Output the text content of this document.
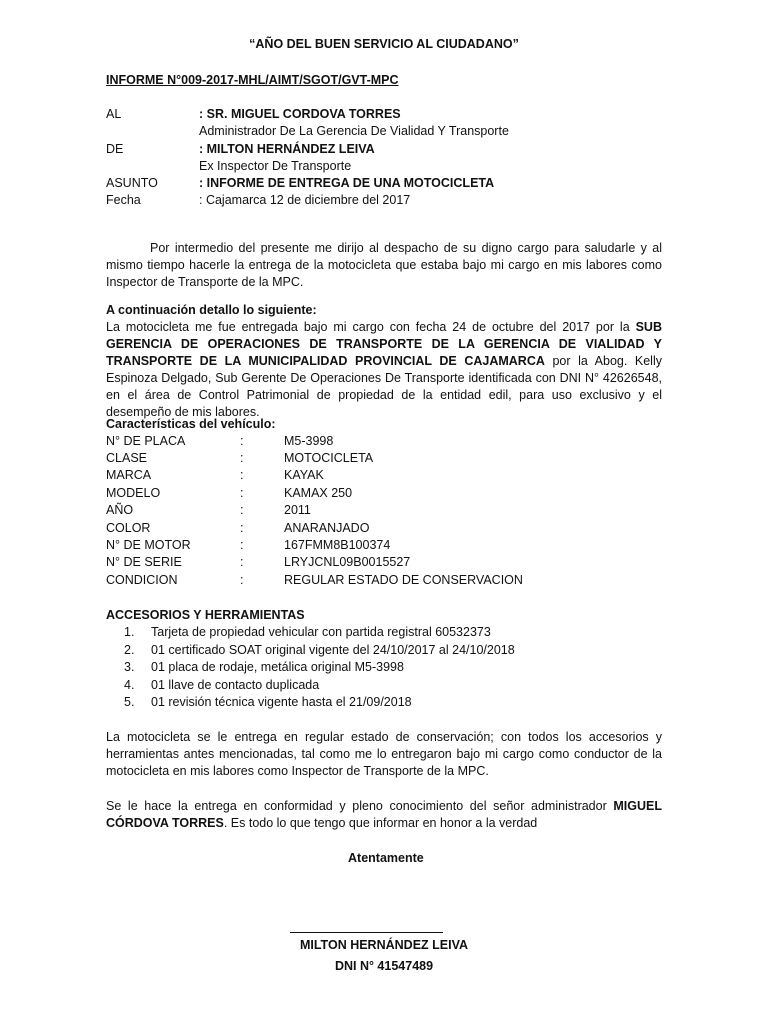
“AÑO DEL BUEN SERVICIO AL CIUDADANO”
INFORME N°009-2017-MHL/AIMT/SGOT/GVT-MPC
AL	: SR. MIGUEL CORDOVA TORRES
Administrador De La Gerencia De Vialidad Y Transporte
DE	: MILTON HERNÁNDEZ LEIVA
Ex Inspector De Transporte
ASUNTO	: INFORME DE ENTREGA DE UNA MOTOCICLETA
Fecha	: Cajamarca 12 de diciembre del 2017
Por intermedio del presente me dirijo al despacho de su digno cargo para saludarle y al mismo tiempo hacerle la entrega de la motocicleta que estaba bajo mi cargo en mis labores como Inspector de Transporte de la MPC.
A continuación detallo lo siguiente:
La motocicleta me fue entregada bajo mi cargo con fecha 24 de octubre del 2017 por la SUB GERENCIA DE OPERACIONES DE TRANSPORTE DE LA GERENCIA DE VIALIDAD Y TRANSPORTE DE LA MUNICIPALIDAD PROVINCIAL DE CAJAMARCA por la Abog. Kelly Espinoza Delgado, Sub Gerente De Operaciones De Transporte identificada con DNI N° 42626548, en el área de Control Patrimonial de propiedad de la entidad edil, para uso exclusivo y el desempeño de mis labores.
Características del vehículo:
N° DE PLACA	:	M5-3998
CLASE	:	MOTOCICLETA
MARCA	:	KAYAK
MODELO	:	KAMAX 250
AÑO	:	2011
COLOR	:	ANARANJADO
N° DE MOTOR	:	167FMM8B100374
N° DE SERIE	:	LRYJCNL09B0015527
CONDICION	:	REGULAR ESTADO DE CONSERVACION
ACCESORIOS Y HERRAMIENTAS
1. Tarjeta de propiedad vehicular con partida registral 60532373
2. 01 certificado SOAT original vigente del 24/10/2017 al 24/10/2018
3. 01 placa de rodaje, metálica original M5-3998
4. 01 llave de contacto duplicada
5. 01 revisión técnica vigente hasta el 21/09/2018
La motocicleta se le entrega en regular estado de conservación; con todos los accesorios y herramientas antes mencionadas, tal como me lo entregaron bajo mi cargo como conductor de la motocicleta en mis labores como Inspector de Transporte de la MPC.
Se le hace la entrega en conformidad y pleno conocimiento del señor administrador MIGUEL CÓRDOVA TORRES. Es todo lo que tengo que informar en honor a la verdad
Atentamente
MILTON HERNÁNDEZ LEIVA
DNI N° 41547489
